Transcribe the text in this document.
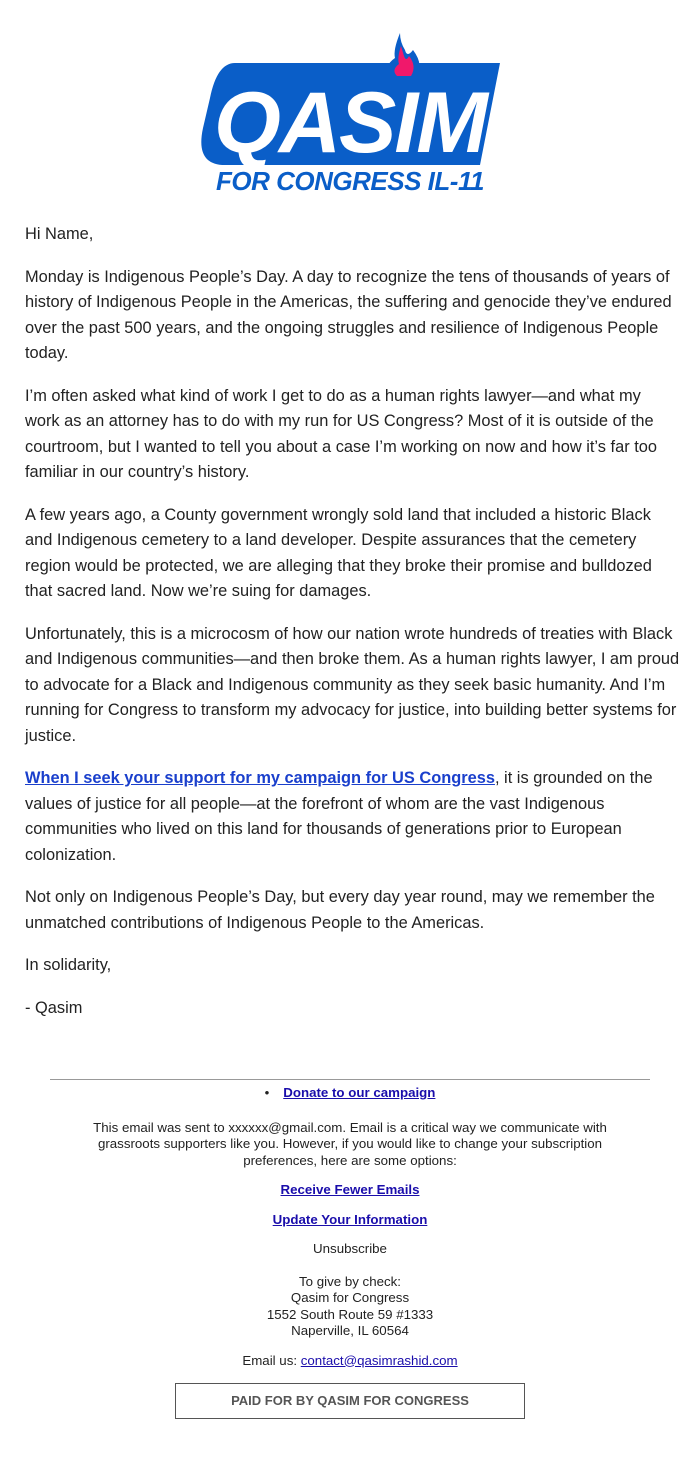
QASIM
FOR CONGRESS IL-11

Hi Name,

Monday is Indigenous People’s Day. A day to recognize the tens of thousands of years of history of Indigenous People in the Americas, the suffering and genocide they’ve endured over the past 500 years, and the ongoing struggles and resilience of Indigenous People today.

I’m often asked what kind of work I get to do as a human rights lawyer—and what my work as an attorney has to do with my run for US Congress? Most of it is outside of the courtroom, but I wanted to tell you about a case I’m working on now and how it’s far too familiar in our country’s history.

A few years ago, a County government wrongly sold land that included a historic Black and Indigenous cemetery to a land developer. Despite assurances that the cemetery region would be protected, we are alleging that they broke their promise and bulldozed that sacred land. Now we’re suing for damages.

Unfortunately, this is a microcosm of how our nation wrote hundreds of treaties with Black and Indigenous communities—and then broke them. As a human rights lawyer, I am proud to advocate for a Black and Indigenous community as they seek basic humanity. And I’m running for Congress to transform my advocacy for justice, into building better systems for justice.

When I seek your support for my campaign for US Congress, it is grounded on the values of justice for all people—at the forefront of whom are the vast Indigenous communities who lived on this land for thousands of generations prior to European colonization.

Not only on Indigenous People’s Day, but every day year round, may we remember the unmatched contributions of Indigenous People to the Americas.

In solidarity,

- Qasim

• Donate to our campaign

This email was sent to xxxxxx@gmail.com. Email is a critical way we communicate with grassroots supporters like you. However, if you would like to change your subscription preferences, here are some options:

Receive Fewer Emails

Update Your Information

Unsubscribe

To give by check:
Qasim for Congress
1552 South Route 59 #1333
Naperville, IL 60564

Email us: contact@qasimrashid.com

PAID FOR BY QASIM FOR CONGRESS
